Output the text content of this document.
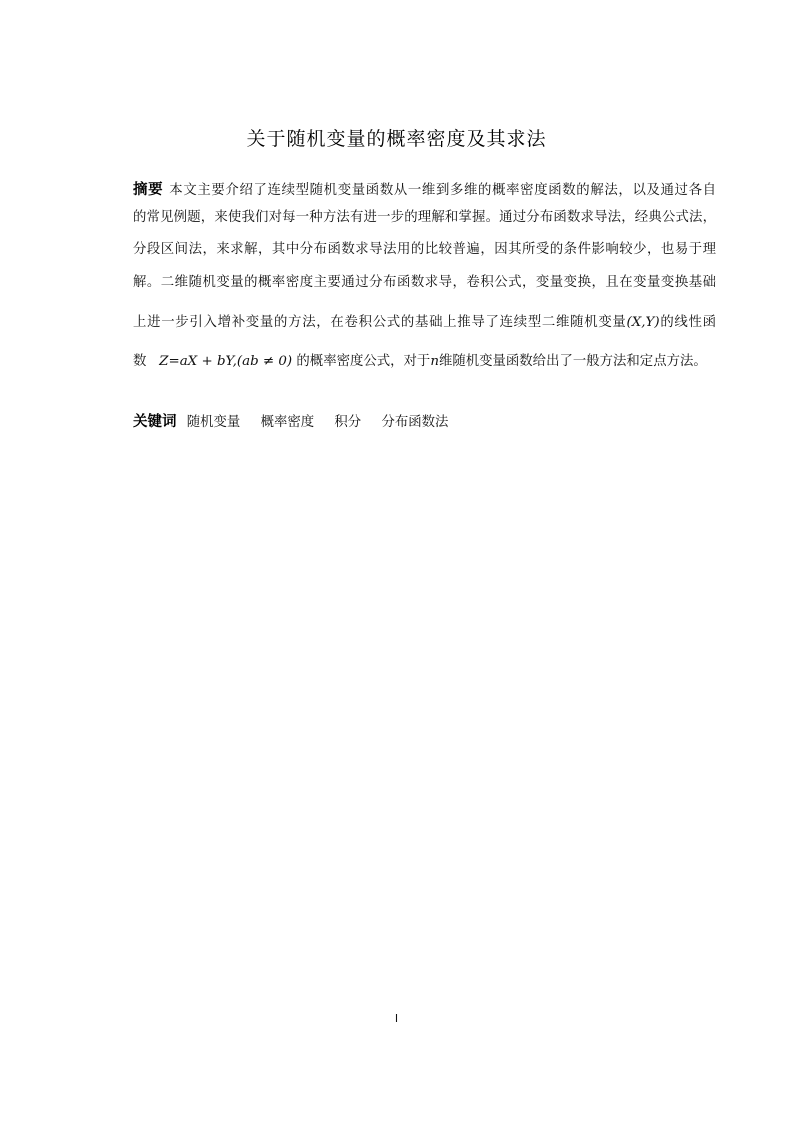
关于随机变量的概率密度及其求法
摘要 本文主要介绍了连续型随机变量函数从一维到多维的概率密度函数的解法，以及通过各自
的常见例题，来使我们对每一种方法有进一步的理解和掌握。通过分布函数求导法，经典公式法，
分段区间法，来求解，其中分布函数求导法用的比较普遍，因其所受的条件影响较少，也易于理
解。二维随机变量的概率密度主要通过分布函数求导，卷积公式，变量变换，且在变量变换基础
上进一步引入增补变量的方法，在卷积公式的基础上推导了连续型二维随机变量(X,Y)的线性函
数 Z=aX + bY,(ab ≠ 0) 的概率密度公式，对于n维随机变量函数给出了一般方法和定点方法。
关键词 随机变量 概率密度 积分 分布函数法
I
